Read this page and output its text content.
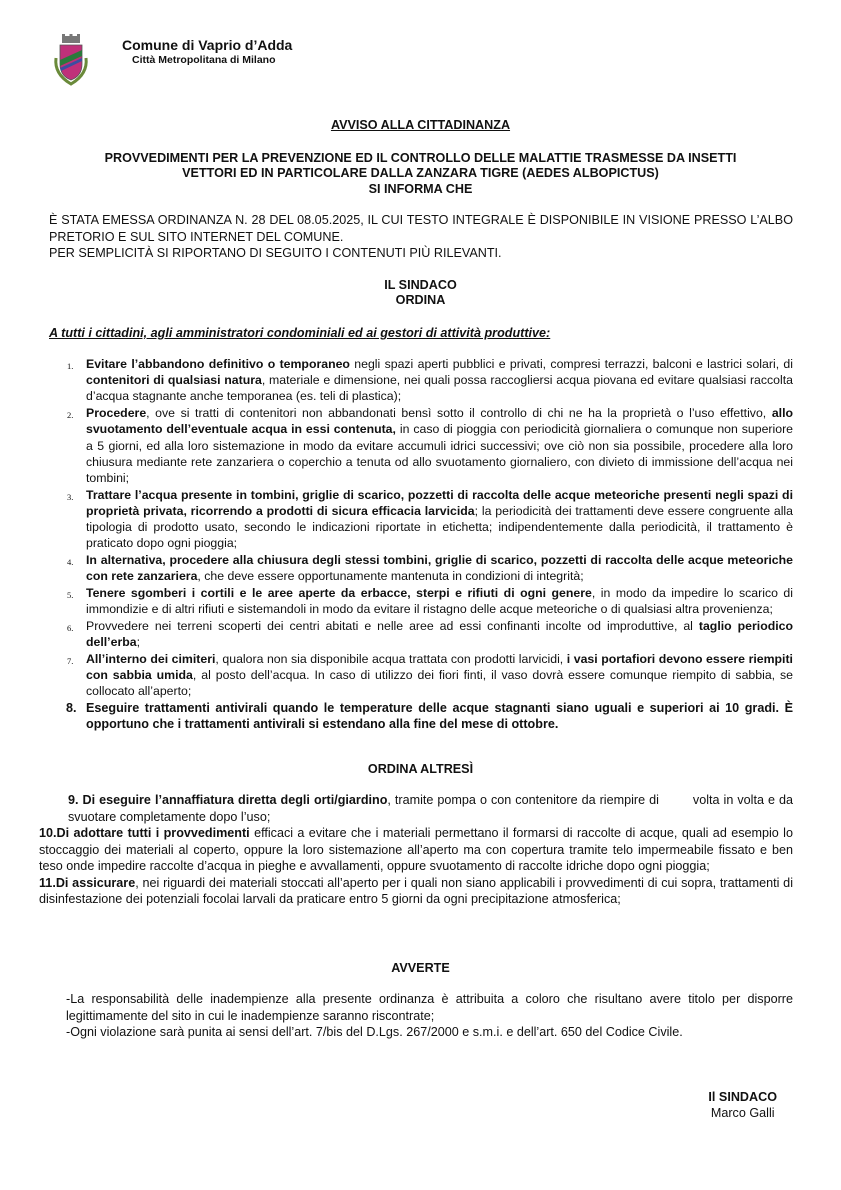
Comune di Vaprio d’Adda
Città Metropolitana di Milano
AVVISO ALLA CITTADINANZA
PROVVEDIMENTI PER LA PREVENZIONE ED IL CONTROLLO DELLE MALATTIE TRASMESSE DA INSETTI
VETTORI ED IN PARTICOLARE DALLA ZANZARA TIGRE (AEDES ALBOPICTUS)
SI INFORMA CHE
È STATA EMESSA ORDINANZA N. 28 DEL 08.05.2025, IL CUI TESTO INTEGRALE È DISPONIBILE IN VISIONE PRESSO L’ALBO PRETORIO E SUL SITO INTERNET DEL COMUNE.
PER SEMPLICITÀ SI RIPORTANO DI SEGUITO I CONTENUTI PIÙ RILEVANTI.
IL SINDACO
ORDINA
A tutti i cittadini, agli amministratori condominiali ed ai gestori di attività produttive:
1. Evitare l’abbandono definitivo o temporaneo negli spazi aperti pubblici e privati, compresi terrazzi, balconi e lastrici solari, di contenitori di qualsiasi natura, materiale e dimensione, nei quali possa raccogliersi acqua piovana ed evitare qualsiasi raccolta d’acqua stagnante anche temporanea (es. teli di plastica);
2. Procedere, ove si tratti di contenitori non abbandonati bensì sotto il controllo di chi ne ha la proprietà o l’uso effettivo, allo svuotamento dell’eventuale acqua in essi contenuta, in caso di pioggia con periodicità giornaliera o comunque non superiore a 5 giorni, ed alla loro sistemazione in modo da evitare accumuli idrici successivi; ove ciò non sia possibile, procedere alla loro chiusura mediante rete zanzariera o coperchio a tenuta od allo svuotamento giornaliero, con divieto di immissione dell’acqua nei tombini;
3. Trattare l’acqua presente in tombini, griglie di scarico, pozzetti di raccolta delle acque meteoriche presenti negli spazi di proprietà privata, ricorrendo a prodotti di sicura efficacia larvicida; la periodicità dei trattamenti deve essere congruente alla tipologia di prodotto usato, secondo le indicazioni riportate in etichetta; indipendentemente dalla periodicità, il trattamento è praticato dopo ogni pioggia;
4. In alternativa, procedere alla chiusura degli stessi tombini, griglie di scarico, pozzetti di raccolta delle acque meteoriche con rete zanzariera, che deve essere opportunamente mantenuta in condizioni di integrità;
5. Tenere sgomberi i cortili e le aree aperte da erbacce, sterpi e rifiuti di ogni genere, in modo da impedire lo scarico di immondizie e di altri rifiuti e sistemandoli in modo da evitare il ristagno delle acque meteoriche o di qualsiasi altra provenienza;
6. Provvedere nei terreni scoperti dei centri abitati e nelle aree ad essi confinanti incolte od improduttive, al taglio periodico dell’erba;
7. All’interno dei cimiteri, qualora non sia disponibile acqua trattata con prodotti larvicidi, i vasi portafiori devono essere riempiti con sabbia umida, al posto dell’acqua. In caso di utilizzo dei fiori finti, il vaso dovrà essere comunque riempito di sabbia, se collocato all’aperto;
8. Eseguire trattamenti antivirali quando le temperature delle acque stagnanti siano uguali e superiori ai 10 gradi. È opportuno che i trattamenti antivirali si estendano alla fine del mese di ottobre.
ORDINA ALTRESÌ

9. Di eseguire l’annaffiatura diretta degli orti/giardino, tramite pompa o con contenitore da riempire di	volta in volta e da svuotare completamente dopo l’uso;

10.Di adottare tutti i provvedimenti efficaci a evitare che i materiali permettano il formarsi di raccolte di acque, quali ad esempio lo stoccaggio dei materiali al coperto, oppure la loro sistemazione all’aperto ma con copertura tramite telo impermeabile fissato e ben teso onde impedire raccolte d’acqua in pieghe e avvallamenti, oppure svuotamento di raccolte idriche dopo ogni pioggia;

11.Di assicurare, nei riguardi dei materiali stoccati all’aperto per i quali non siano applicabili i provvedimenti di cui sopra, trattamenti di disinfestazione dei potenziali focolai larvali da praticare entro 5 giorni da ogni precipitazione atmosferica;

AVVERTE

-La responsabilità delle inadempienze alla presente ordinanza è attribuita a coloro che risultano avere titolo per disporre legittimamente del sito in cui le inadempienze saranno riscontrate;

-Ogni violazione sarà punita ai sensi dell’art. 7/bis del D.Lgs. 267/2000 e s.m.i. e dell’art. 650 del Codice Civile.

Il SINDACO
Marco Galli
